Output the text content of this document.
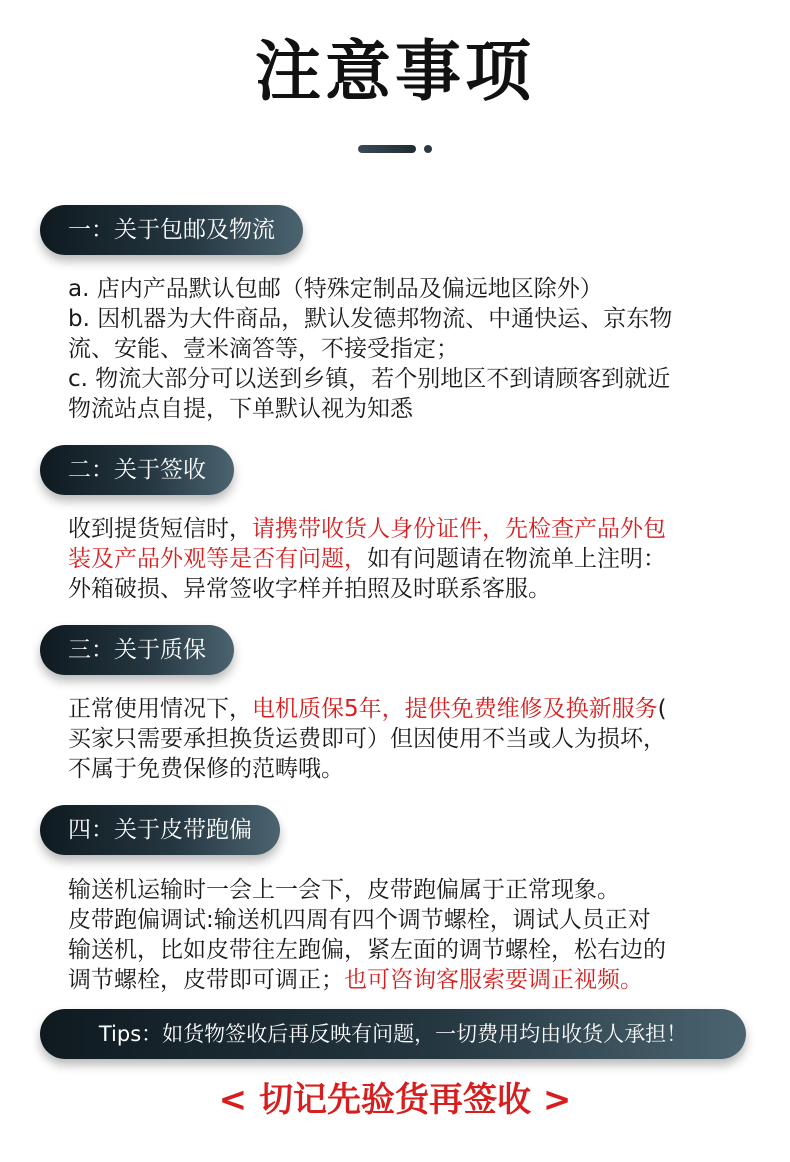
注意事项
一：关于包邮及物流
a. 店内产品默认包邮（特殊定制品及偏远地区除外）
b. 因机器为大件商品，默认发德邦物流、中通快运、京东物
流、安能、壹米滴答等，不接受指定；
c. 物流大部分可以送到乡镇，若个别地区不到请顾客到就近
物流站点自提，下单默认视为知悉
二：关于签收
收到提货短信时，请携带收货人身份证件，先检查产品外包
装及产品外观等是否有问题，如有问题请在物流单上注明：
外箱破损、异常签收字样并拍照及时联系客服。
三：关于质保
正常使用情况下，电机质保5年，提供免费维修及换新服务(
买家只需要承担换货运费即可）但因使用不当或人为损坏，
不属于免费保修的范畴哦。
四：关于皮带跑偏
输送机运输时一会上一会下，皮带跑偏属于正常现象。
皮带跑偏调试:输送机四周有四个调节螺栓，调试人员正对
输送机，比如皮带往左跑偏，紧左面的调节螺栓，松右边的
调节螺栓，皮带即可调正；也可咨询客服索要调正视频。
Tips：如货物签收后再反映有问题，一切费用均由收货人承担！
< 切记先验货再签收 >
